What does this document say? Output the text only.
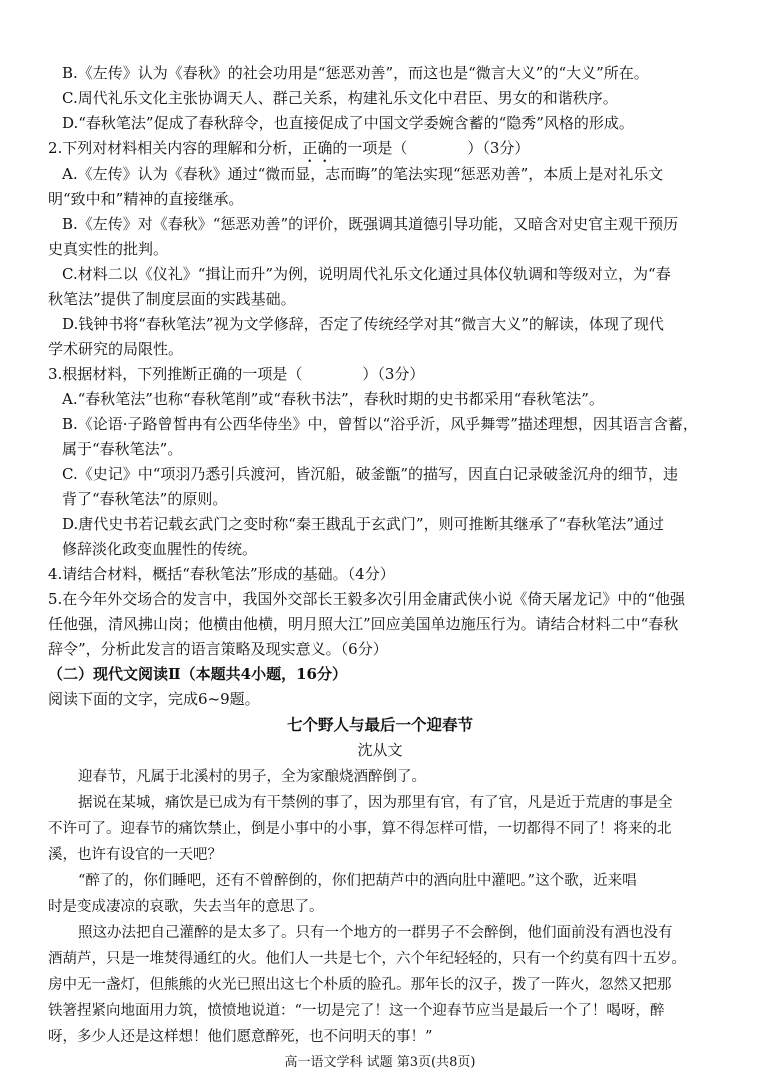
B.《左传》认为《春秋》的社会功用是“惩恶劝善”，而这也是“微言大义”的“大义”所在。
C.周代礼乐文化主张协调天人、群己关系，构建礼乐文化中君臣、男女的和谐秩序。
D.“春秋笔法”促成了春秋辞令，也直接促成了中国文学委婉含蓄的“隐秀”风格的形成。
2.下列对材料相关内容的理解和分析，正确的一项是（　　　　）（3分）
A.《左传》认为《春秋》通过“微而显，志而晦”的笔法实现“惩恶劝善”，本质上是对礼乐文
明“致中和”精神的直接继承。
B.《左传》对《春秋》“惩恶劝善”的评价，既强调其道德引导功能，又暗含对史官主观干预历
史真实性的批判。
C.材料二以《仪礼》“揖让而升”为例，说明周代礼乐文化通过具体仪轨调和等级对立，为“春
秋笔法”提供了制度层面的实践基础。
D.钱钟书将“春秋笔法”视为文学修辞，否定了传统经学对其“微言大义”的解读，体现了现代
学术研究的局限性。
3.根据材料，下列推断正确的一项是（　　　　）（3分）
A.“春秋笔法”也称“春秋笔削”或“春秋书法”，春秋时期的史书都采用“春秋笔法”。
B.《论语·子路曾皙冉有公西华侍坐》中，曾皙以“浴乎沂，风乎舞雩”描述理想，因其语言含蓄，
属于“春秋笔法”。
C.《史记》中“项羽乃悉引兵渡河，皆沉船，破釜甑”的描写，因直白记录破釜沉舟的细节，违
背了“春秋笔法”的原则。
D.唐代史书若记载玄武门之变时称“秦王戡乱于玄武门”，则可推断其继承了“春秋笔法”通过
修辞淡化政变血腥性的传统。
4.请结合材料，概括“春秋笔法”形成的基础。（4分）
5.在今年外交场合的发言中，我国外交部长王毅多次引用金庸武侠小说《倚天屠龙记》中的“他强
任他强，清风拂山岗；他横由他横，明月照大江”回应美国单边施压行为。请结合材料二中“春秋
辞令”，分析此发言的语言策略及现实意义。（6分）
（二）现代文阅读Ⅱ（本题共4小题，16分）
阅读下面的文字，完成6~9题。
七个野人与最后一个迎春节
沈从文
迎春节，凡属于北溪村的男子，全为家酿烧酒醉倒了。
据说在某城，痛饮是已成为有干禁例的事了，因为那里有官，有了官，凡是近于荒唐的事是全
不许可了。迎春节的痛饮禁止，倒是小事中的小事，算不得怎样可惜，一切都得不同了！将来的北
溪，也许有设官的一天吧？
“醉了的，你们睡吧，还有不曾醉倒的，你们把葫芦中的酒向肚中灌吧。”这个歌，近来唱
时是变成凄凉的哀歌，失去当年的意思了。
照这办法把自己灌醉的是太多了。只有一个地方的一群男子不会醉倒，他们面前没有酒也没有
酒葫芦，只是一堆焚得通红的火。他们人一共是七个，六个年纪轻轻的，只有一个约莫有四十五岁。
房中无一盏灯，但熊熊的火光已照出这七个朴质的脸孔。那年长的汉子，拨了一阵火，忽然又把那
铁箸捏紧向地面用力筑，愤愤地说道：“一切是完了！这一个迎春节应当是最后一个了！喝呀，醉
呀，多少人还是这样想！他们愿意醉死，也不问明天的事！”
高一语文学科 试题 第3页(共8页)
